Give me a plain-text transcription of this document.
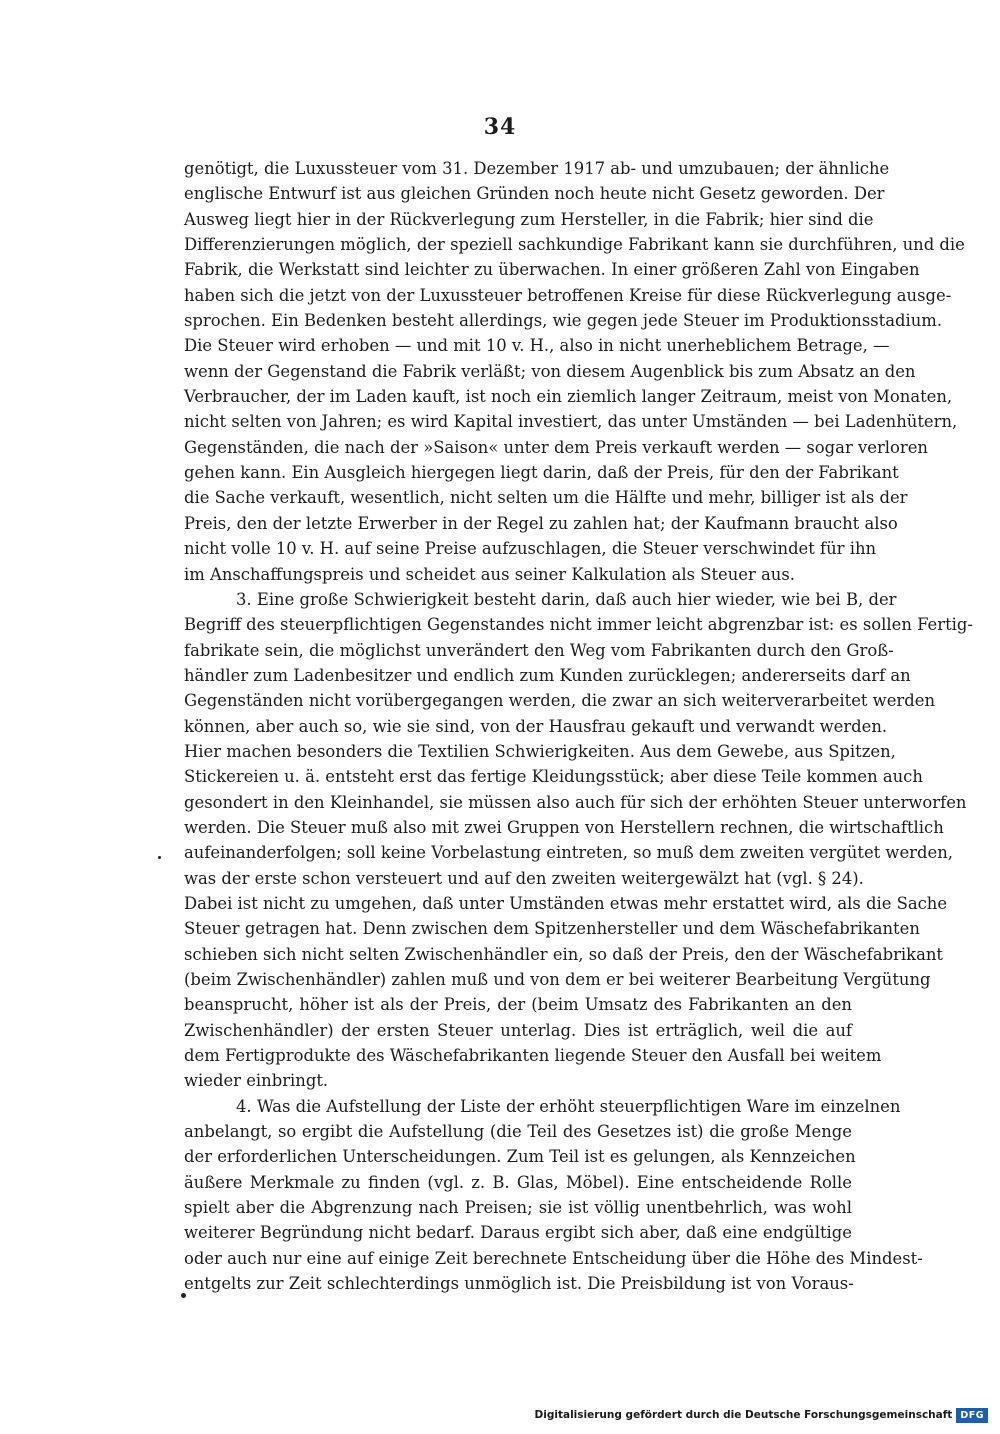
34
genötigt, die Luxussteuer vom 31. Dezember 1917 ab- und umzubauen; der ähnliche
englische Entwurf ist aus gleichen Gründen noch heute nicht Gesetz geworden. Der
Ausweg liegt hier in der Rückverlegung zum Hersteller, in die Fabrik; hier sind die
Differenzierungen möglich, der speziell sachkundige Fabrikant kann sie durchführen, und die
Fabrik, die Werkstatt sind leichter zu überwachen. In einer größeren Zahl von Eingaben
haben sich die jetzt von der Luxussteuer betroffenen Kreise für diese Rückverlegung ausge-
sprochen. Ein Bedenken besteht allerdings, wie gegen jede Steuer im Produktionsstadium.
Die Steuer wird erhoben — und mit 10 v. H., also in nicht unerheblichem Betrage, —
wenn der Gegenstand die Fabrik verläßt; von diesem Augenblick bis zum Absatz an den
Verbraucher, der im Laden kauft, ist noch ein ziemlich langer Zeitraum, meist von Monaten,
nicht selten von Jahren; es wird Kapital investiert, das unter Umständen — bei Ladenhütern,
Gegenständen, die nach der »Saison« unter dem Preis verkauft werden — sogar verloren
gehen kann. Ein Ausgleich hiergegen liegt darin, daß der Preis, für den der Fabrikant
die Sache verkauft, wesentlich, nicht selten um die Hälfte und mehr, billiger ist als der
Preis, den der letzte Erwerber in der Regel zu zahlen hat; der Kaufmann braucht also
nicht volle 10 v. H. auf seine Preise aufzuschlagen, die Steuer verschwindet für ihn
im Anschaffungspreis und scheidet aus seiner Kalkulation als Steuer aus.
3. Eine große Schwierigkeit besteht darin, daß auch hier wieder, wie bei B, der
Begriff des steuerpflichtigen Gegenstandes nicht immer leicht abgrenzbar ist: es sollen Fertig-
fabrikate sein, die möglichst unverändert den Weg vom Fabrikanten durch den Groß-
händler zum Ladenbesitzer und endlich zum Kunden zurücklegen; andererseits darf an
Gegenständen nicht vorübergegangen werden, die zwar an sich weiterverarbeitet werden
können, aber auch so, wie sie sind, von der Hausfrau gekauft und verwandt werden.
Hier machen besonders die Textilien Schwierigkeiten. Aus dem Gewebe, aus Spitzen,
Stickereien u. ä. entsteht erst das fertige Kleidungsstück; aber diese Teile kommen auch
gesondert in den Kleinhandel, sie müssen also auch für sich der erhöhten Steuer unterworfen
werden. Die Steuer muß also mit zwei Gruppen von Herstellern rechnen, die wirtschaftlich
aufeinanderfolgen; soll keine Vorbelastung eintreten, so muß dem zweiten vergütet werden,
was der erste schon versteuert und auf den zweiten weitergewälzt hat (vgl. § 24).
Dabei ist nicht zu umgehen, daß unter Umständen etwas mehr erstattet wird, als die Sache
Steuer getragen hat. Denn zwischen dem Spitzenhersteller und dem Wäschefabrikanten
schieben sich nicht selten Zwischenhändler ein, so daß der Preis, den der Wäschefabrikant
(beim Zwischenhändler) zahlen muß und von dem er bei weiterer Bearbeitung Vergütung
beansprucht, höher ist als der Preis, der (beim Umsatz des Fabrikanten an den
Zwischenhändler) der ersten Steuer unterlag. Dies ist erträglich, weil die auf
dem Fertigprodukte des Wäschefabrikanten liegende Steuer den Ausfall bei weitem
wieder einbringt.
4. Was die Aufstellung der Liste der erhöht steuerpflichtigen Ware im einzelnen
anbelangt, so ergibt die Aufstellung (die Teil des Gesetzes ist) die große Menge
der erforderlichen Unterscheidungen. Zum Teil ist es gelungen, als Kennzeichen
äußere Merkmale zu finden (vgl. z. B. Glas, Möbel). Eine entscheidende Rolle
spielt aber die Abgrenzung nach Preisen; sie ist völlig unentbehrlich, was wohl
weiterer Begründung nicht bedarf. Daraus ergibt sich aber, daß eine endgültige
oder auch nur eine auf einige Zeit berechnete Entscheidung über die Höhe des Mindest-
entgelts zur Zeit schlechterdings unmöglich ist. Die Preisbildung ist von Voraus-
Digitalisierung gefördert durch die Deutsche Forschungsgemeinschaft DFG
